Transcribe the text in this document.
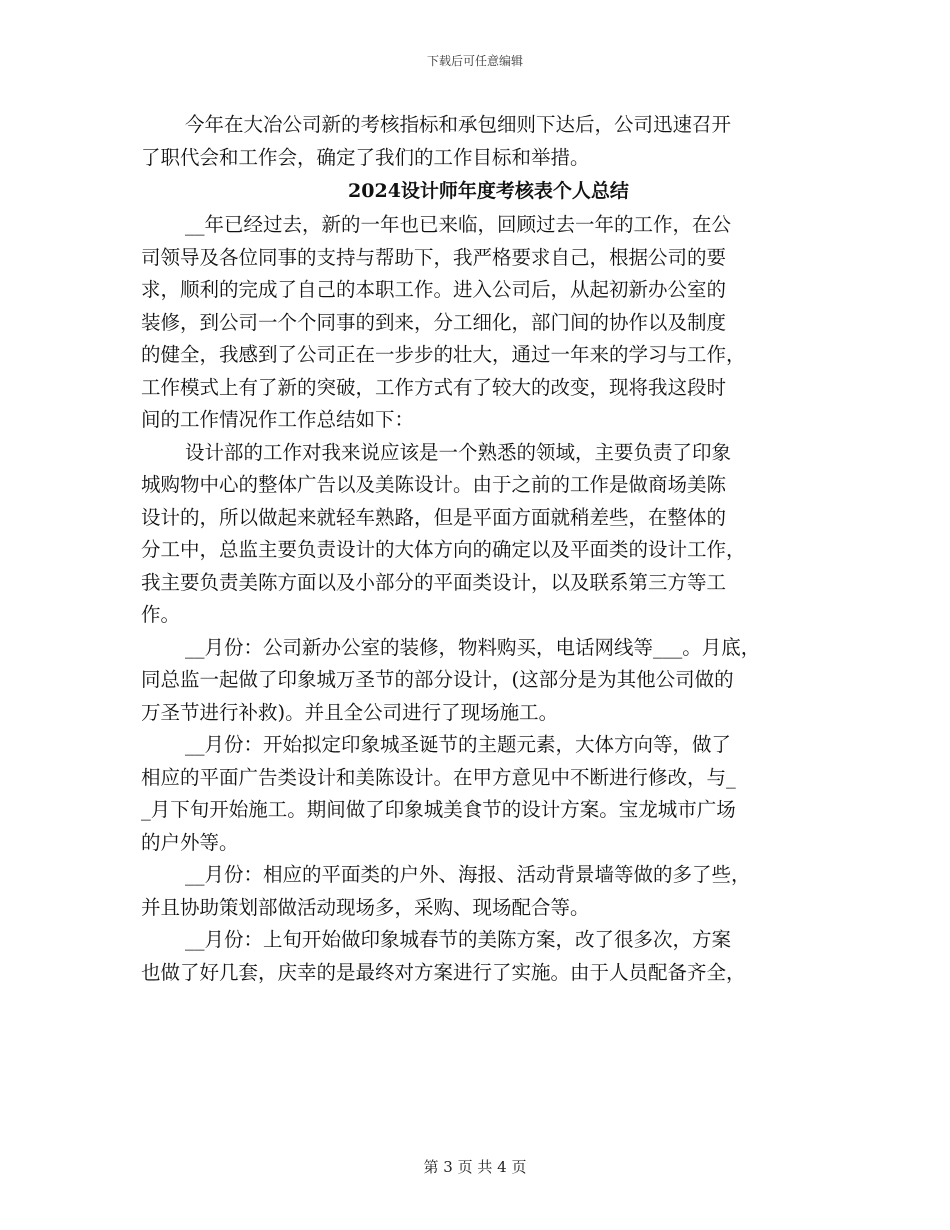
下载后可任意编辑
今年在大冶公司新的考核指标和承包细则下达后，公司迅速召开
了职代会和工作会，确定了我们的工作目标和举措。
2024设计师年度考核表个人总结
__年已经过去，新的一年也已来临，回顾过去一年的工作，在公
司领导及各位同事的支持与帮助下，我严格要求自己，根据公司的要
求，顺利的完成了自己的本职工作。进入公司后，从起初新办公室的
装修，到公司一个个同事的到来，分工细化，部门间的协作以及制度
的健全，我感到了公司正在一步步的壮大，通过一年来的学习与工作，
工作模式上有了新的突破，工作方式有了较大的改变，现将我这段时
间的工作情况作工作总结如下：
设计部的工作对我来说应该是一个熟悉的领域，主要负责了印象
城购物中心的整体广告以及美陈设计。由于之前的工作是做商场美陈
设计的，所以做起来就轻车熟路，但是平面方面就稍差些，在整体的
分工中，总监主要负责设计的大体方向的确定以及平面类的设计工作，
我主要负责美陈方面以及小部分的平面类设计，以及联系第三方等工
作。
__月份：公司新办公室的装修，物料购买，电话网线等___。月底，
同总监一起做了印象城万圣节的部分设计，(这部分是为其他公司做的
万圣节进行补救)。并且全公司进行了现场施工。
__月份：开始拟定印象城圣诞节的主题元素，大体方向等，做了
相应的平面广告类设计和美陈设计。在甲方意见中不断进行修改，与_
_月下旬开始施工。期间做了印象城美食节的设计方案。宝龙城市广场
的户外等。
__月份：相应的平面类的户外、海报、活动背景墙等做的多了些，
并且协助策划部做活动现场多，采购、现场配合等。
__月份：上旬开始做印象城春节的美陈方案，改了很多次，方案
也做了好几套，庆幸的是最终对方案进行了实施。由于人员配备齐全，
第 3 页 共 4 页
